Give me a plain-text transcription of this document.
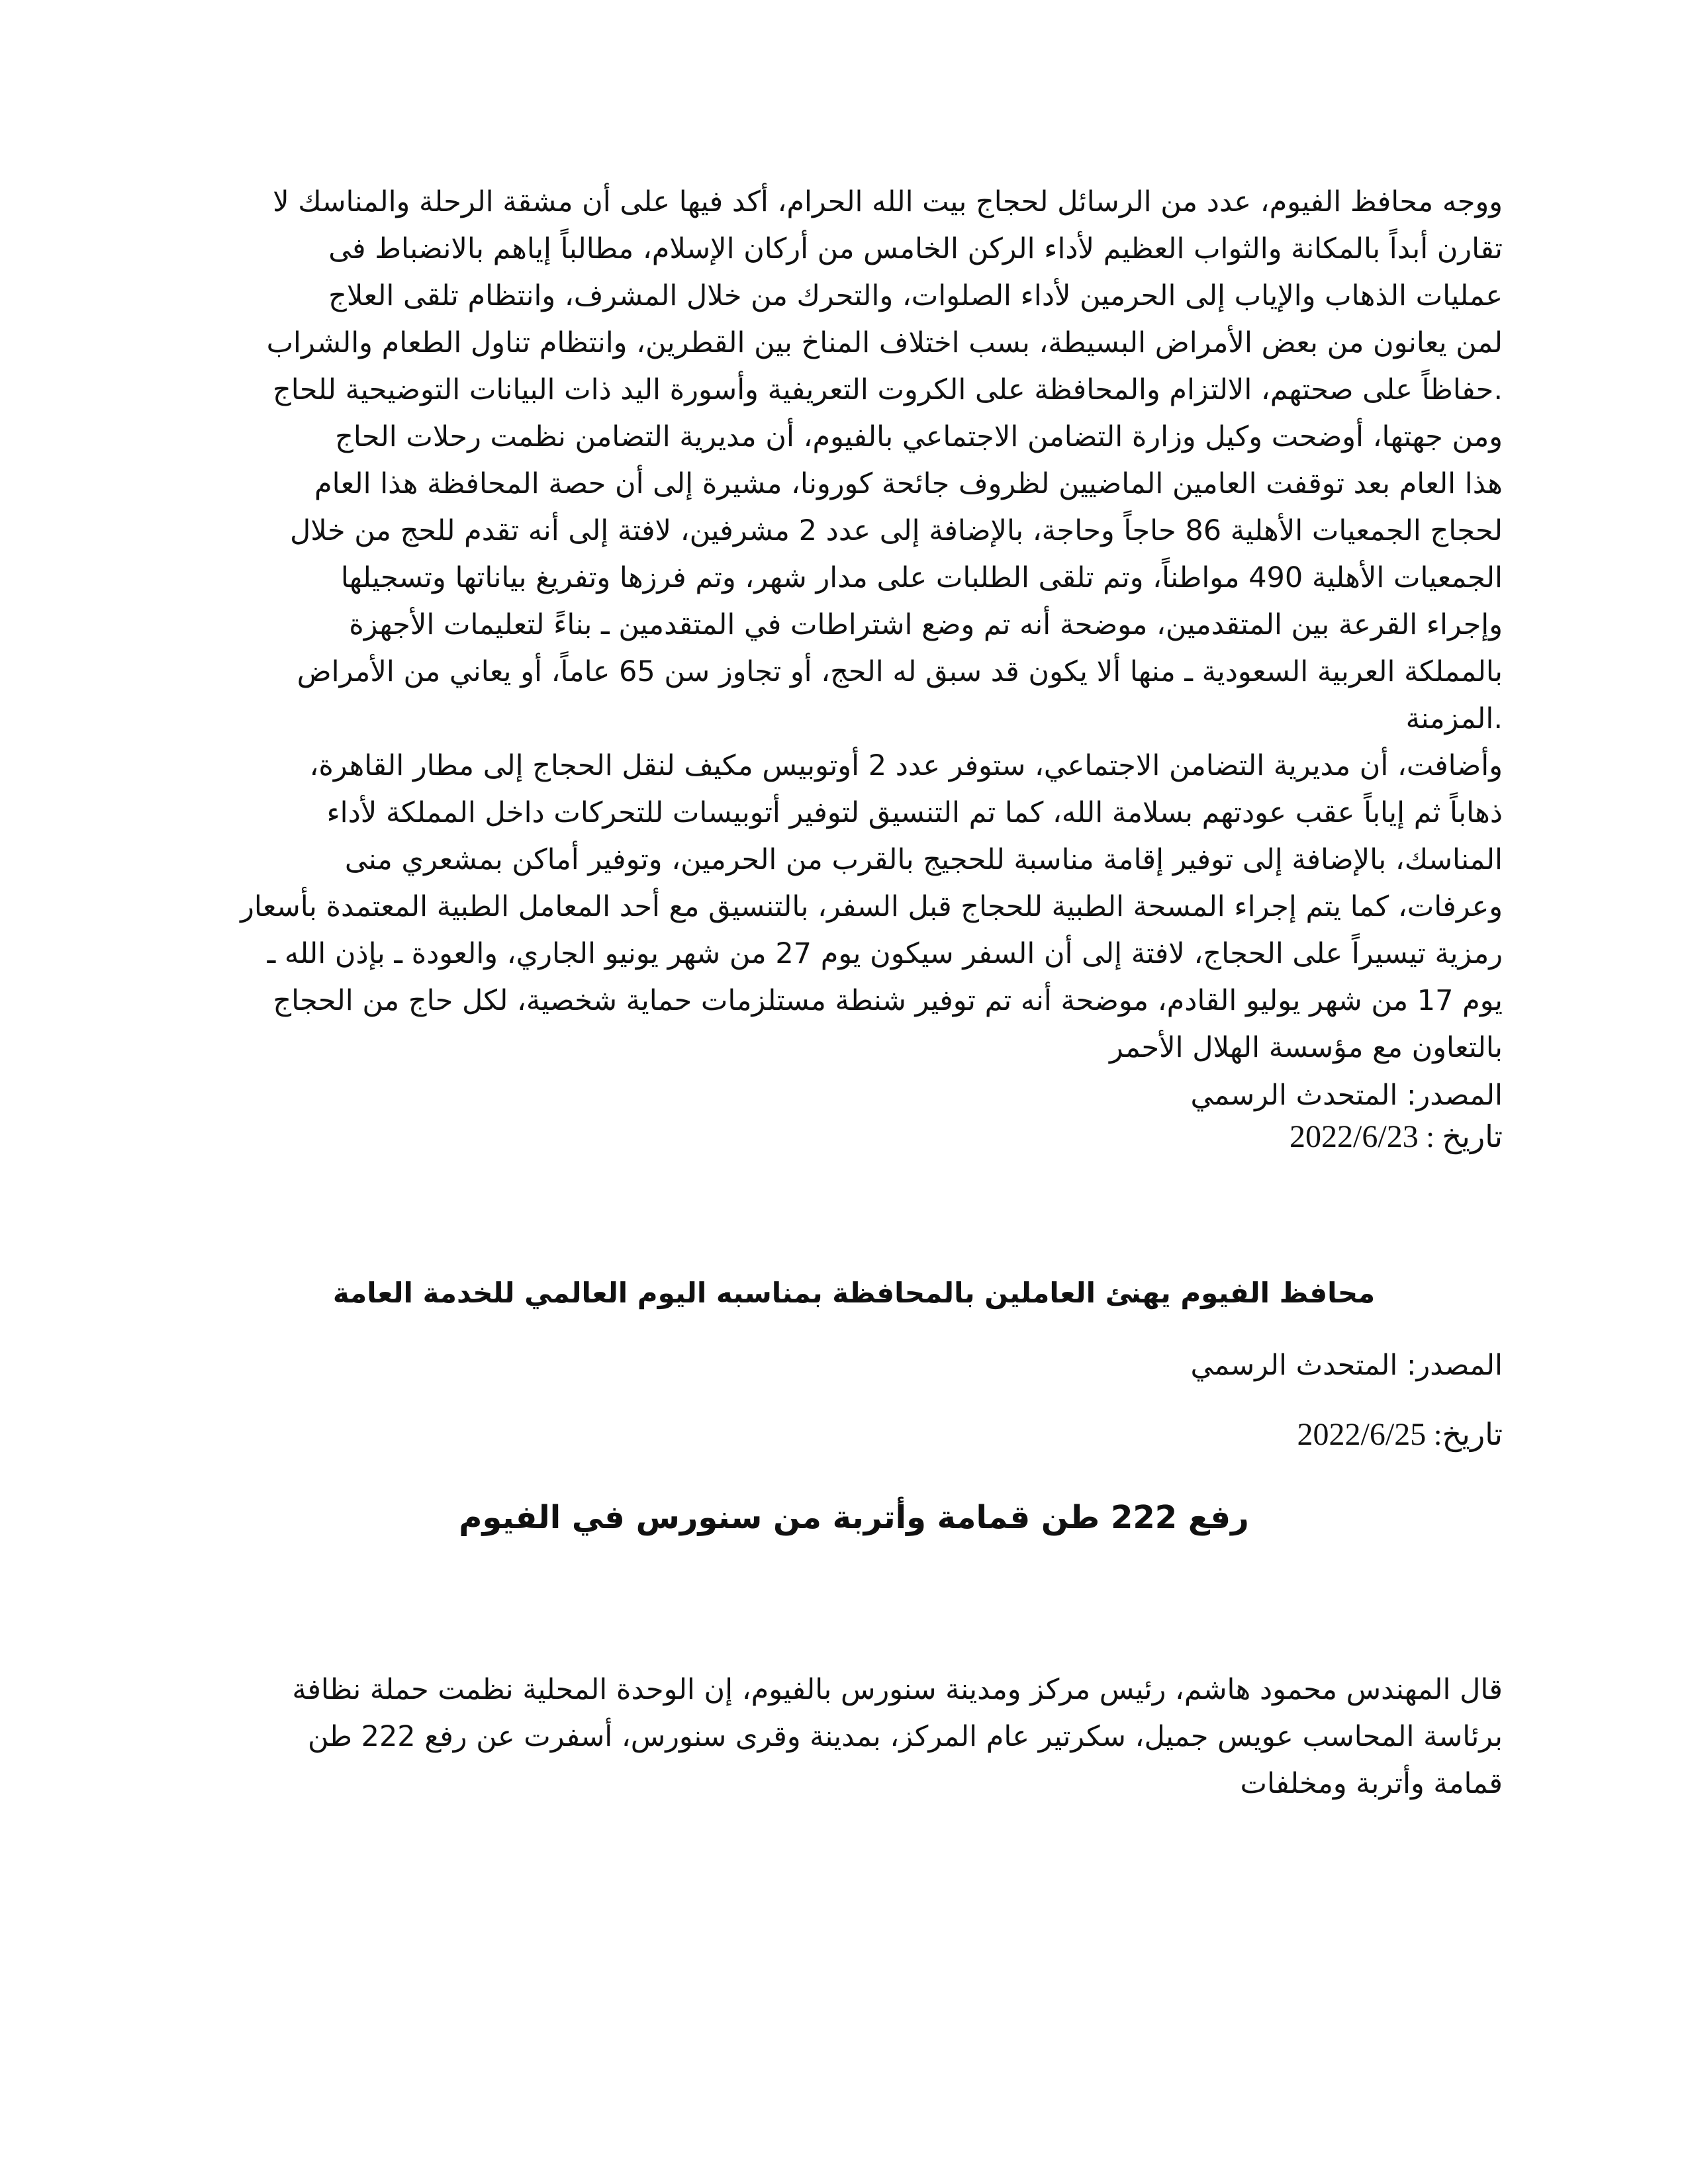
ووجه محافظ الفيوم، عدد من الرسائل لحجاج بيت الله الحرام، أكد فيها على أن مشقة الرحلة والمناسك لا
تقارن أبداً بالمكانة والثواب العظيم لأداء الركن الخامس من أركان الإسلام، مطالباً إياهم بالانضباط فى
عمليات الذهاب والإياب إلى الحرمين لأداء الصلوات، والتحرك من خلال المشرف، وانتظام تلقى العلاج
لمن يعانون من بعض الأمراض البسيطة، بسب اختلاف المناخ بين القطرين، وانتظام تناول الطعام والشراب
.حفاظاً على صحتهم، الالتزام والمحافظة على الكروت التعريفية وأسورة اليد ذات البيانات التوضيحية للحاج
ومن جهتها، أوضحت وكيل وزارة التضامن الاجتماعي بالفيوم، أن مديرية التضامن نظمت رحلات الحاج
هذا العام بعد توقفت العامين الماضيين لظروف جائحة كورونا، مشيرة إلى أن حصة المحافظة هذا العام
لحجاج الجمعيات الأهلية 86 حاجاً وحاجة، بالإضافة إلى عدد 2 مشرفين، لافتة إلى أنه تقدم للحج من خلال
الجمعيات الأهلية 490 مواطناً، وتم تلقى الطلبات على مدار شهر، وتم فرزها وتفريغ بياناتها وتسجيلها
وإجراء القرعة بين المتقدمين، موضحة أنه تم وضع اشتراطات في المتقدمين ـ بناءً لتعليمات الأجهزة
بالمملكة العربية السعودية ـ منها ألا يكون قد سبق له الحج، أو تجاوز سن 65 عاماً، أو يعاني من الأمراض
.المزمنة
وأضافت، أن مديرية التضامن الاجتماعي، ستوفر عدد 2 أوتوبيس مكيف لنقل الحجاج إلى مطار القاهرة،
ذهاباً ثم إياباً عقب عودتهم بسلامة الله، كما تم التنسيق لتوفير أتوبيسات للتحركات داخل المملكة لأداء
المناسك، بالإضافة إلى توفير إقامة مناسبة للحجيج بالقرب من الحرمين، وتوفير أماكن بمشعري منى
وعرفات، كما يتم إجراء المسحة الطبية للحجاج قبل السفر، بالتنسيق مع أحد المعامل الطبية المعتمدة بأسعار
رمزية تيسيراً على الحجاج، لافتة إلى أن السفر سيكون يوم 27 من شهر يونيو الجاري، والعودة ـ بإذن الله ـ
يوم 17 من شهر يوليو القادم، موضحة أنه تم توفير شنطة مستلزمات حماية شخصية، لكل حاج من الحجاج
بالتعاون مع مؤسسة الهلال الأحمر

المصدر: المتحدث الرسمي

تاريخ : 2022/6/23

محافظ الفيوم يهنئ العاملين بالمحافظة بمناسبه اليوم العالمي للخدمة العامة

المصدر: المتحدث الرسمي

تاريخ: 2022/6/25

رفع 222 طن قمامة وأتربة من سنورس في الفيوم

قال المهندس محمود هاشم، رئيس مركز ومدينة سنورس بالفيوم، إن الوحدة المحلية نظمت حملة نظافة
برئاسة المحاسب عويس جميل، سكرتير عام المركز، بمدينة وقرى سنورس، أسفرت عن رفع 222 طن
قمامة وأتربة ومخلفات
